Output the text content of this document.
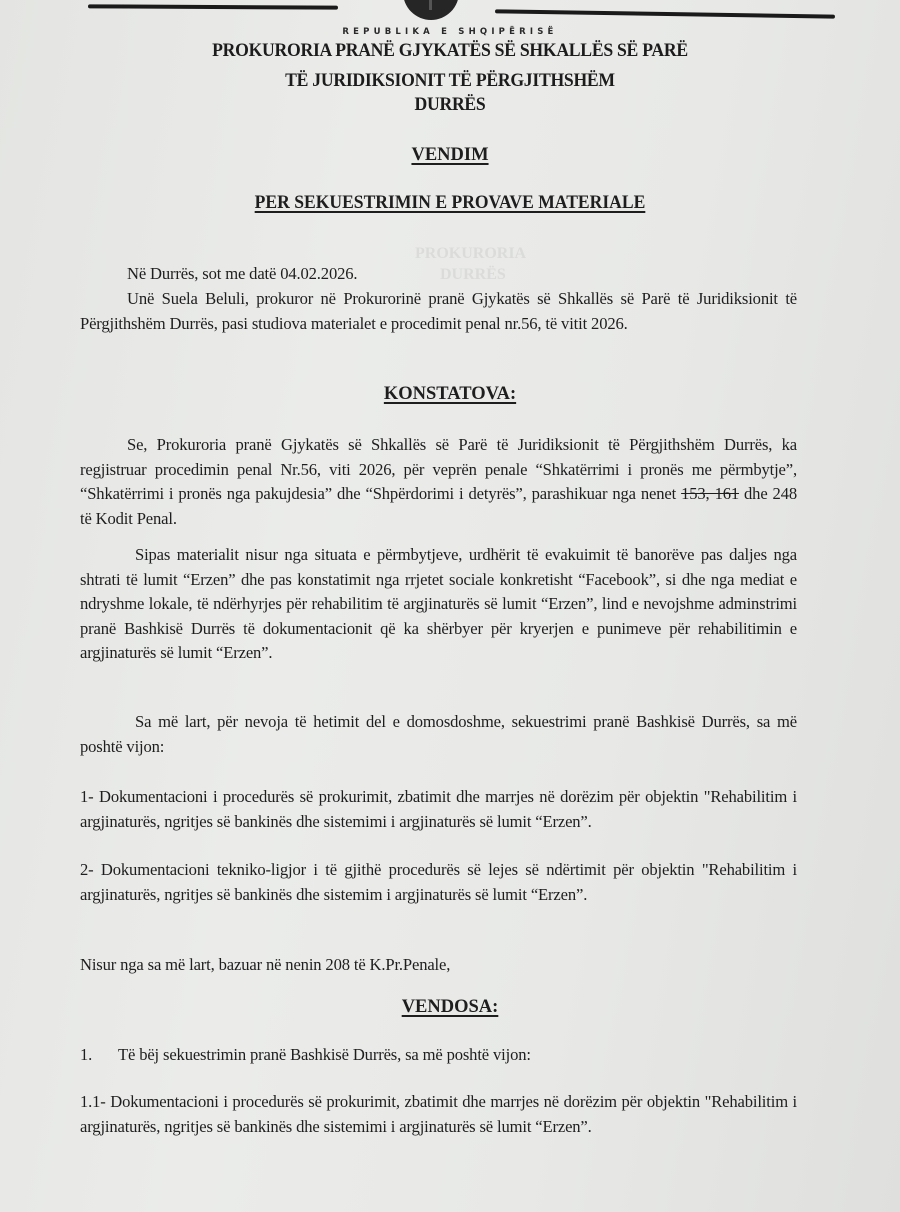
REPUBLIKA E SHQIPËRISË
PROKURORIA PRANË GJYKATËS SË SHKALLËS SË PARË
TË JURIDIKSIONIT TË PËRGJITHSHËM
DURRËS
VENDIM
PER SEKUESTRIMIN E PROVAVE MATERIALE
PROKURORIA
DURRËS
Në Durrës, sot me datë 04.02.2026.
Unë Suela Beluli, prokuror në Prokurorinë pranë Gjykatës së Shkallës së Parë të Juridiksionit të Përgjithshëm Durrës, pasi studiova materialet e procedimit penal nr.56, të vitit 2026.
KONSTATOVA:
Se, Prokuroria pranë Gjykatës së Shkallës së Parë të Juridiksionit të Përgjithshëm Durrës, ka regjistruar procedimin penal Nr.56, viti 2026, për veprën penale “Shkatërrimi i pronës me përmbytje”, “Shkatërrimi i pronës nga pakujdesia” dhe “Shpërdorimi i detyrës”, parashikuar nga nenet 153, 161 dhe 248 të Kodit Penal.
Sipas materialit nisur nga situata e përmbytjeve, urdhërit të evakuimit të banorëve pas daljes nga shtrati të lumit “Erzen” dhe pas konstatimit nga rrjetet sociale konkretisht “Facebook”, si dhe nga mediat e ndryshme lokale, të ndërhyrjes për rehabilitim të argjinaturës së lumit “Erzen”, lind e nevojshme adminstrimi pranë Bashkisë Durrës të dokumentacionit që ka shërbyer për kryerjen e punimeve për rehabilitimin e argjinaturës së lumit “Erzen”.
Sa më lart, për nevoja të hetimit del e domosdoshme, sekuestrimi pranë Bashkisë Durrës, sa më poshtë vijon:
1- Dokumentacioni i procedurës së prokurimit, zbatimit dhe marrjes në dorëzim për objektin "Rehabilitim i argjinaturës, ngritjes së bankinës dhe sistemimi i argjinaturës së lumit “Erzen”.
2- Dokumentacioni tekniko-ligjor i të gjithë procedurës së lejes së ndërtimit për objektin "Rehabilitim i argjinaturës, ngritjes së bankinës dhe sistemim i argjinaturës së lumit “Erzen”.
Nisur nga sa më lart, bazuar në nenin 208 të K.Pr.Penale,
VENDOSA:
1. Të bëj sekuestrimin pranë Bashkisë Durrës, sa më poshtë vijon:
1.1- Dokumentacioni i procedurës së prokurimit, zbatimit dhe marrjes në dorëzim për objektin "Rehabilitim i argjinaturës, ngritjes së bankinës dhe sistemimi i argjinaturës së lumit “Erzen”.
